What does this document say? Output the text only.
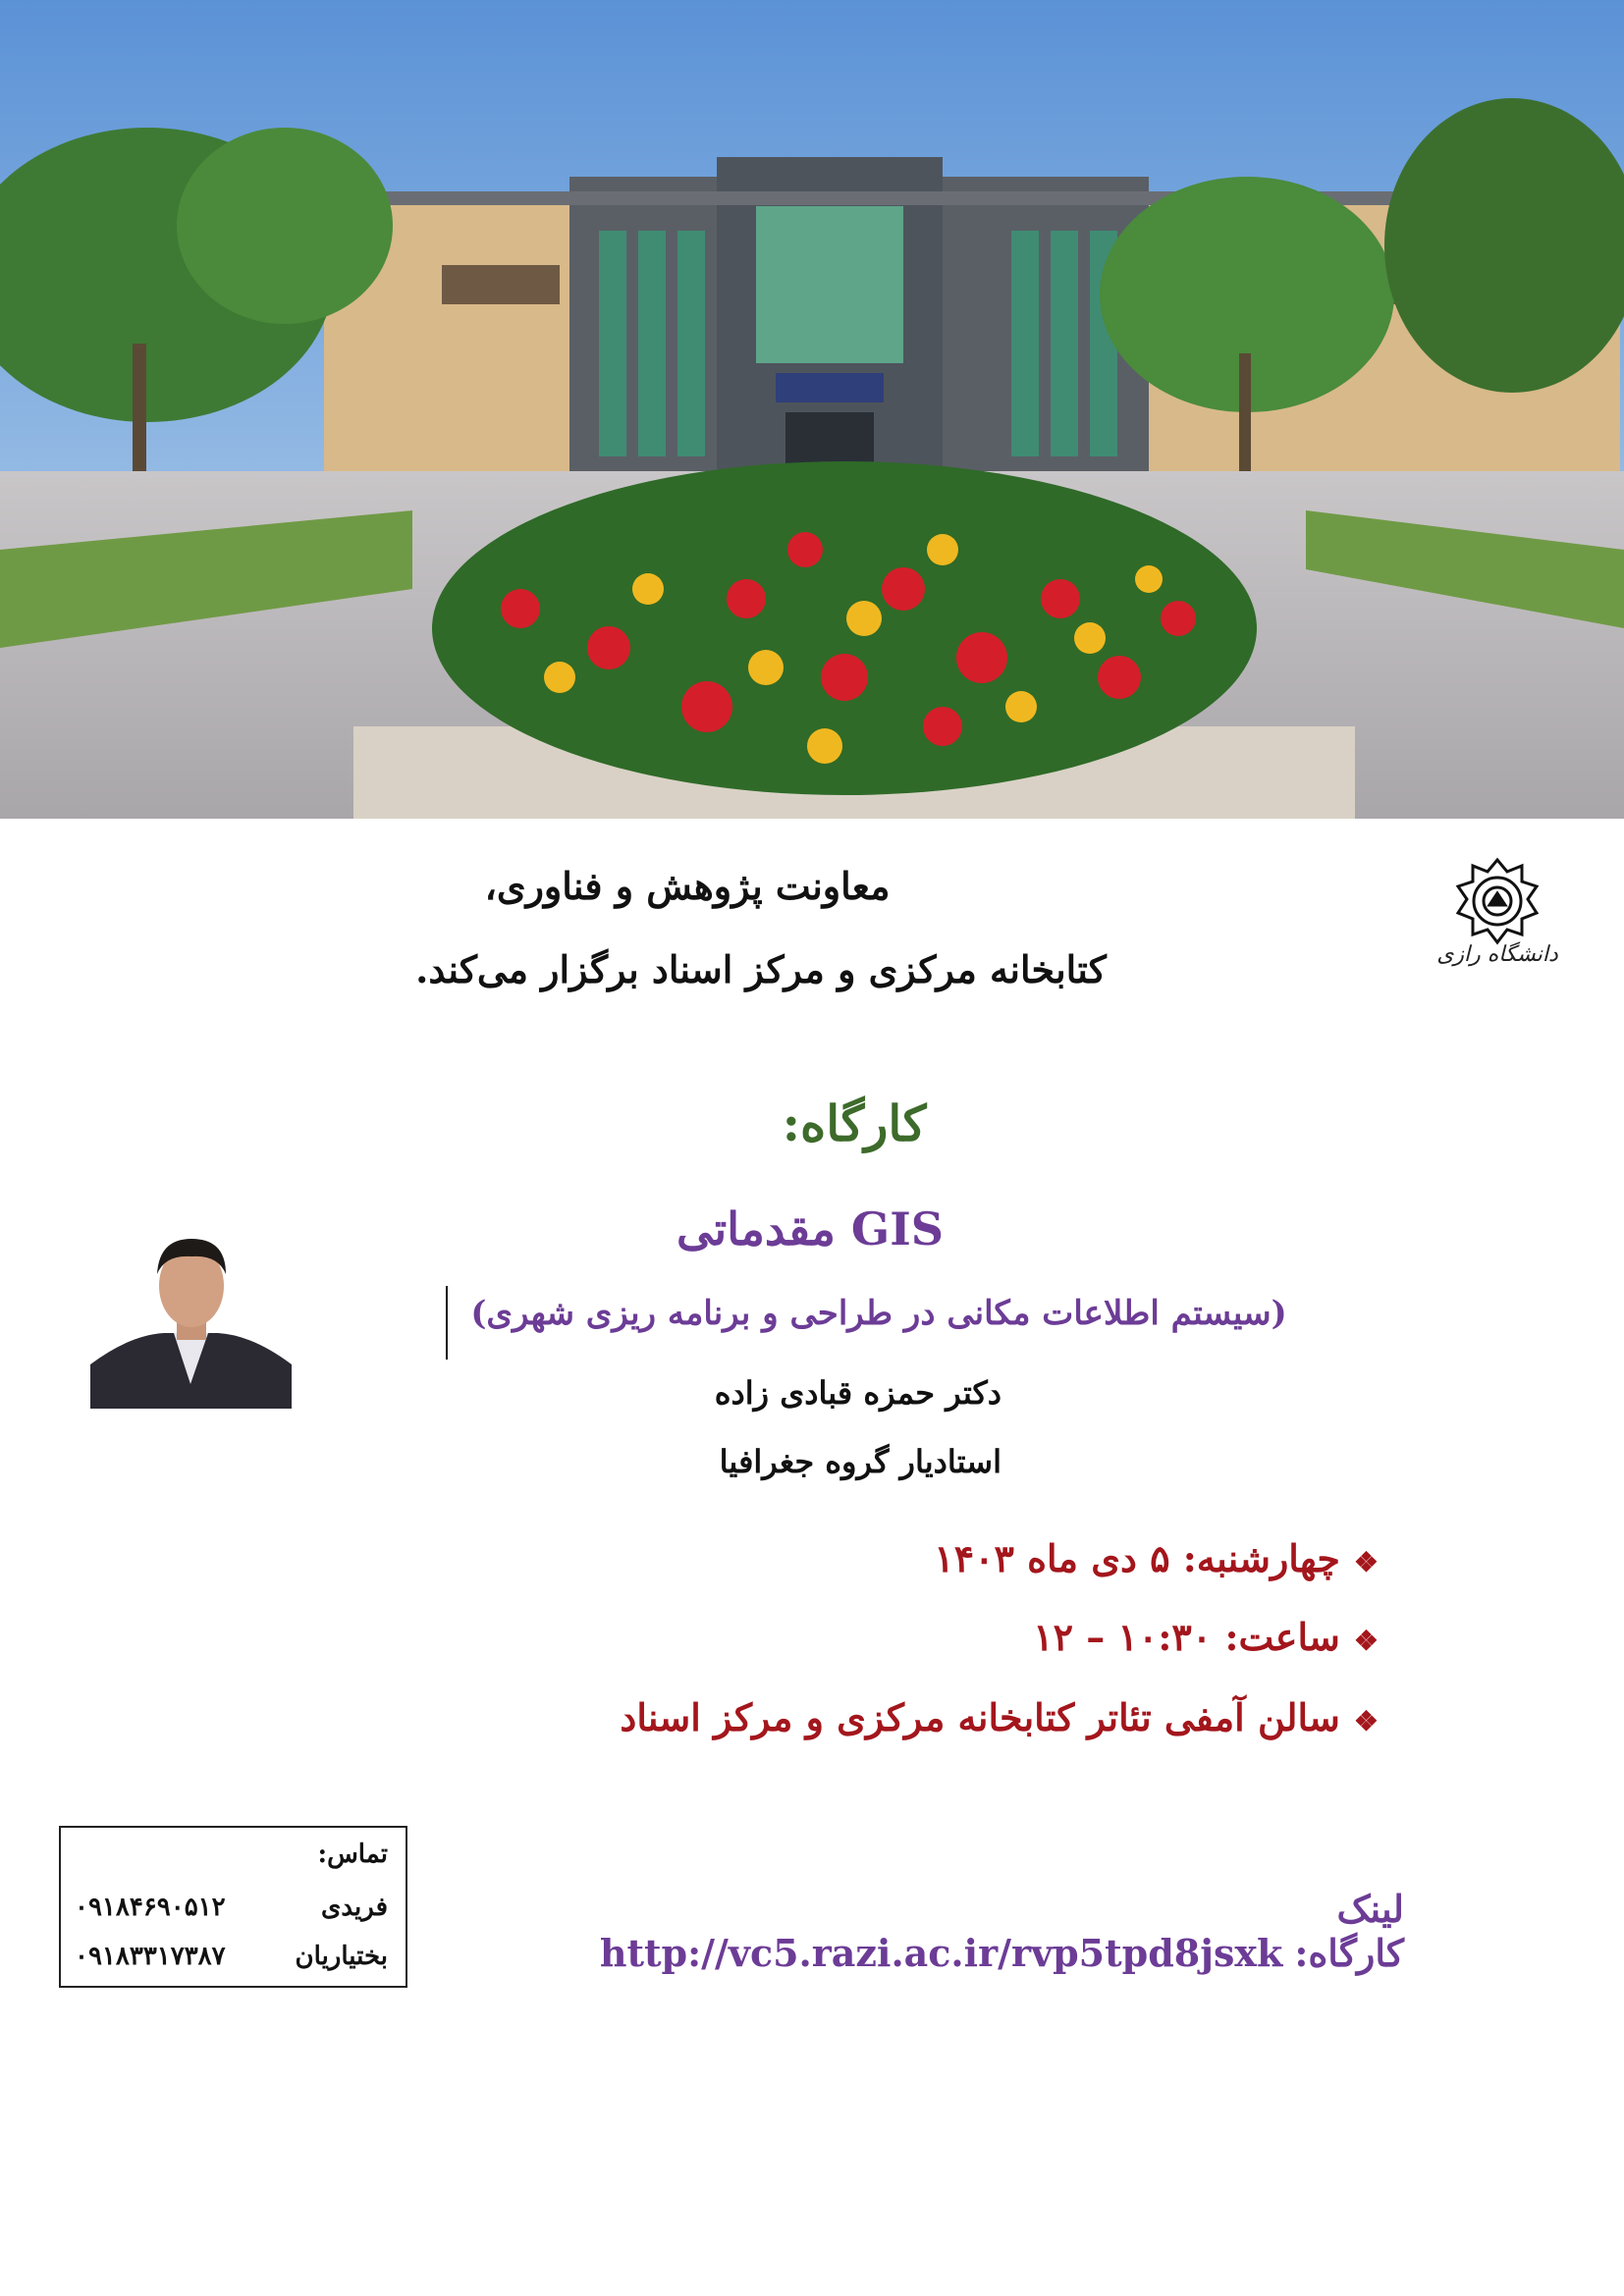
معاونت پژوهش و فناوری،
کتابخانه مرکزی و مرکز اسناد برگزار می‌کند.	دانشگاه رازی
کارگاه:
GIS مقدماتی
(سیستم اطلاعات مکانی در طراحی و برنامه ریزی شهری)
دکتر حمزه قبادی زاده
استادیار گروه جغرافیا
❖چهارشنبه: ۵ دی ماه ۱۴۰۳
❖ساعت: ۱۰:۳۰ – ۱۲
❖سالن آمفی تئاتر کتابخانه مرکزی و مرکز اسناد
تماس:
فریدی
۰۹۱۸۴۶۹۰۵۱۲
بختیاریان
۰۹۱۸۳۳۱۷۳۸۷
لینک کارگاه:http://vc5.razi.ac.ir/rvp5tpd8jsxk
